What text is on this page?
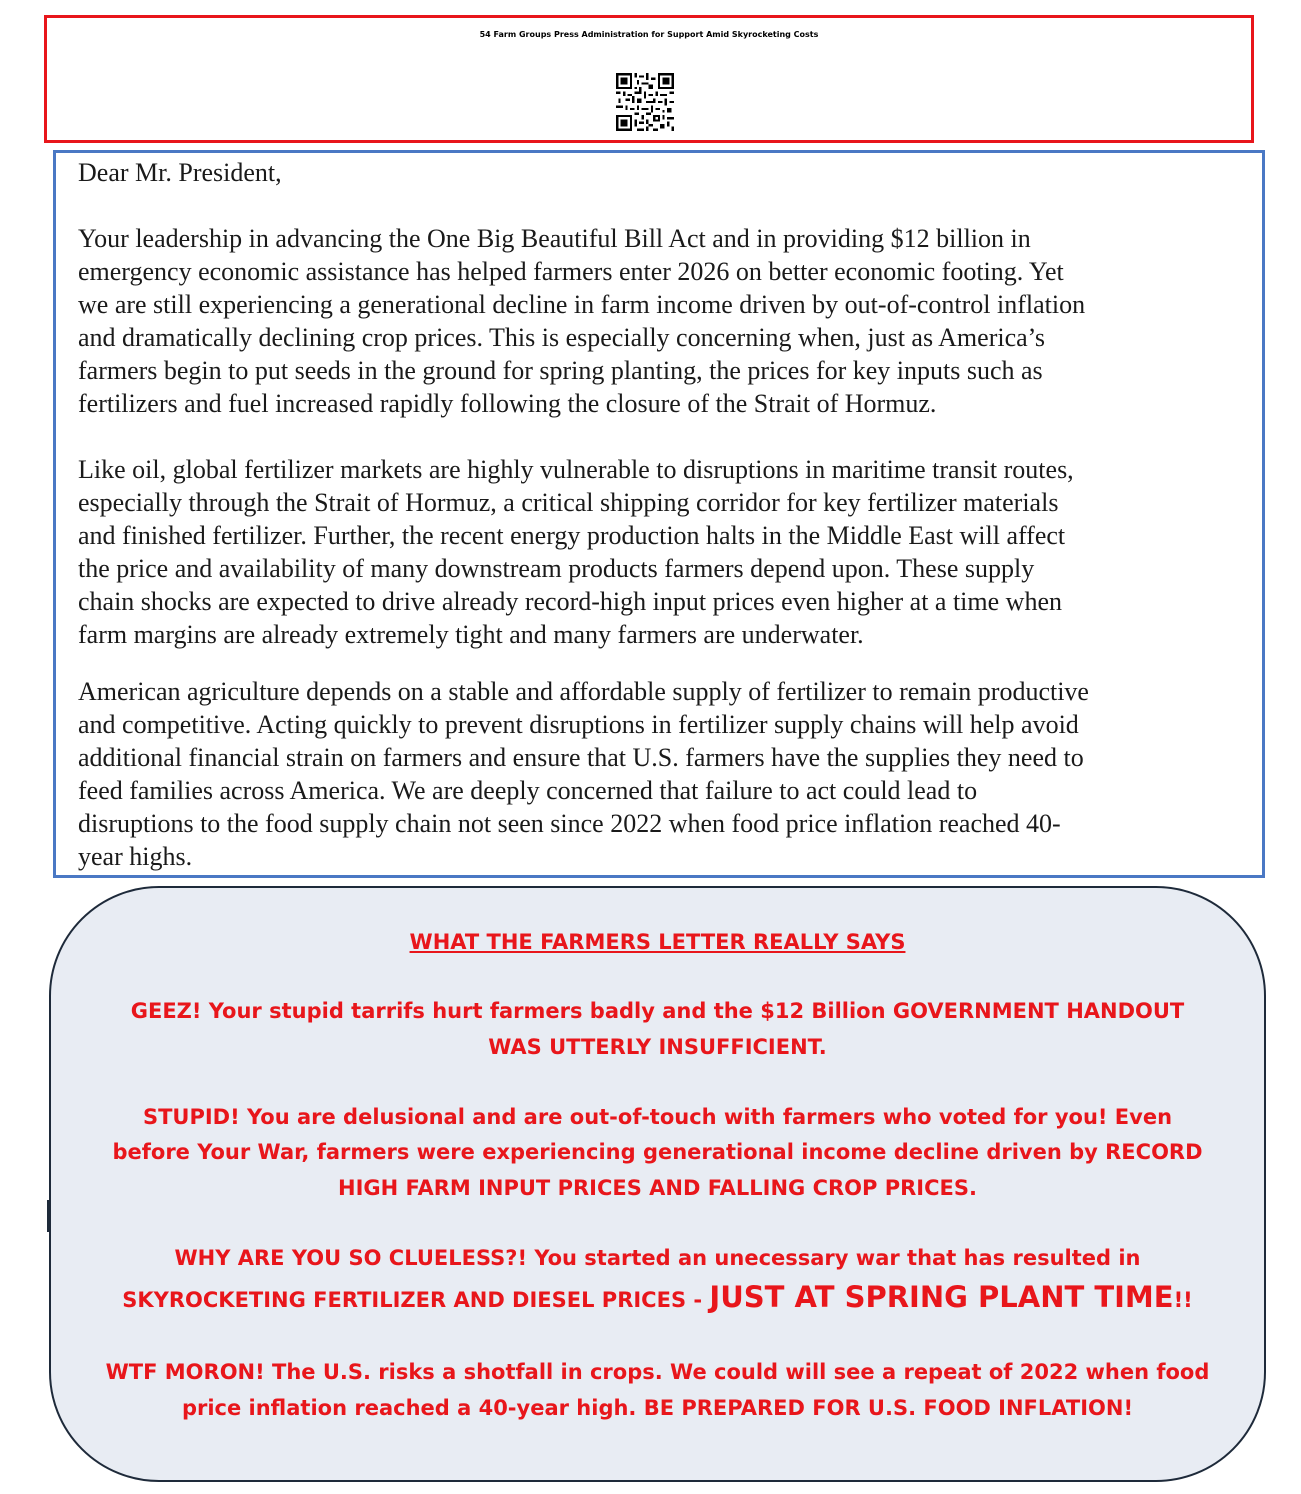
54 Farm Groups Press Administration for Support Amid Skyrocketing Costs
Dear Mr. President,
Your leadership in advancing the One Big Beautiful Bill Act and in providing $12 billion in
emergency economic assistance has helped farmers enter 2026 on better economic footing. Yet
we are still experiencing a generational decline in farm income driven by out-of-control inflation
and dramatically declining crop prices. This is especially concerning when, just as America’s
farmers begin to put seeds in the ground for spring planting, the prices for key inputs such as
fertilizers and fuel increased rapidly following the closure of the Strait of Hormuz.
Like oil, global fertilizer markets are highly vulnerable to disruptions in maritime transit routes,
especially through the Strait of Hormuz, a critical shipping corridor for key fertilizer materials
and finished fertilizer. Further, the recent energy production halts in the Middle East will affect
the price and availability of many downstream products farmers depend upon. These supply
chain shocks are expected to drive already record-high input prices even higher at a time when
farm margins are already extremely tight and many farmers are underwater.
American agriculture depends on a stable and affordable supply of fertilizer to remain productive
and competitive. Acting quickly to prevent disruptions in fertilizer supply chains will help avoid
additional financial strain on farmers and ensure that U.S. farmers have the supplies they need to
feed families across America. We are deeply concerned that failure to act could lead to
disruptions to the food supply chain not seen since 2022 when food price inflation reached 40-
year highs.
WHAT THE FARMERS LETTER REALLY SAYS
GEEZ! Your stupid tarrifs hurt farmers badly and the $12 Billion GOVERNMENT HANDOUT
WAS UTTERLY INSUFFICIENT.
STUPID! You are delusional and are out-of-touch with farmers who voted for you! Even
before Your War, farmers were experiencing generational income decline driven by RECORD
HIGH FARM INPUT PRICES AND FALLING CROP PRICES.
WHY ARE YOU SO CLUELESS?! You started an unecessary war that has resulted in
SKYROCKETING FERTILIZER AND DIESEL PRICES - JUST AT SPRING PLANT TIME!!
WTF MORON! The U.S. risks a shotfall in crops. We could will see a repeat of 2022 when food
price inflation reached a 40-year high. BE PREPARED FOR U.S. FOOD INFLATION!
